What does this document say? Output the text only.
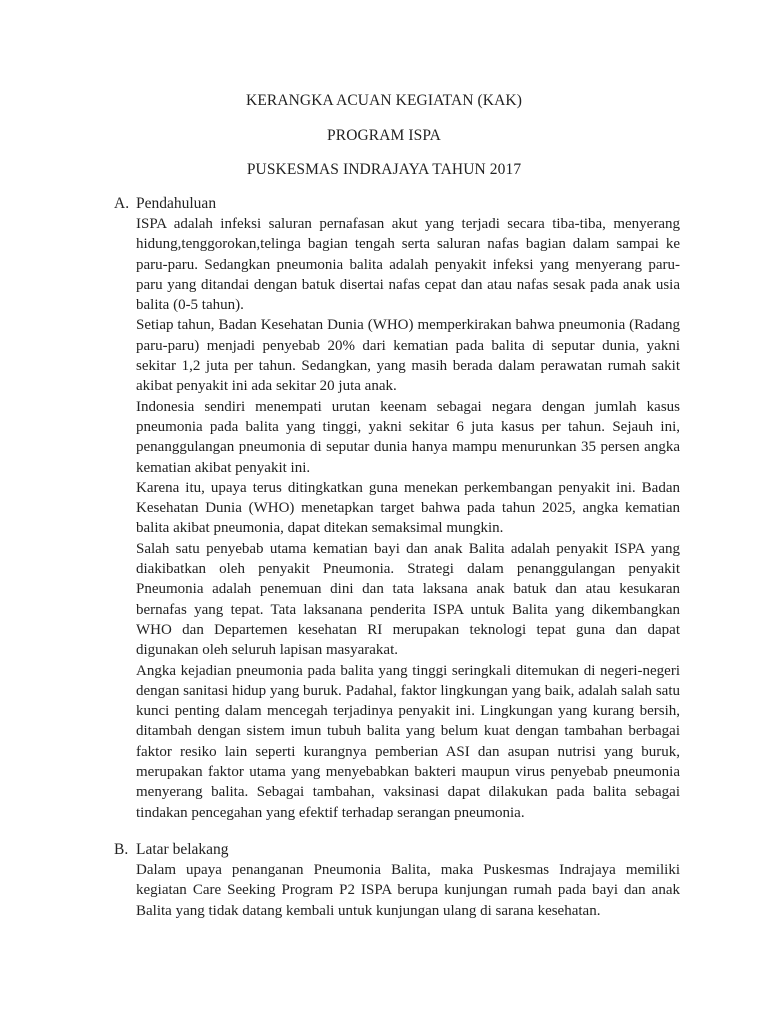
KERANGKA ACUAN KEGIATAN (KAK)
PROGRAM ISPA
PUSKESMAS INDRAJAYA TAHUN 2017
A. Pendahuluan

ISPA adalah infeksi saluran pernafasan akut yang terjadi secara tiba-tiba, menyerang hidung,tenggorokan,telinga bagian tengah serta saluran nafas bagian dalam sampai ke paru-paru. Sedangkan pneumonia balita adalah penyakit infeksi yang menyerang paru-paru yang ditandai dengan batuk disertai nafas cepat dan atau nafas sesak pada anak usia balita (0-5 tahun).

Setiap tahun, Badan Kesehatan Dunia (WHO) memperkirakan bahwa pneumonia (Radang paru-paru) menjadi penyebab 20% dari kematian pada balita di seputar dunia, yakni sekitar 1,2 juta per tahun. Sedangkan, yang masih berada dalam perawatan rumah sakit akibat penyakit ini ada sekitar 20 juta anak.

Indonesia sendiri menempati urutan keenam sebagai negara dengan jumlah kasus pneumonia pada balita yang tinggi, yakni sekitar 6 juta kasus per tahun. Sejauh ini, penanggulangan pneumonia di seputar dunia hanya mampu menurunkan 35 persen angka kematian akibat penyakit ini.

Karena itu, upaya terus ditingkatkan guna menekan perkembangan penyakit ini. Badan Kesehatan Dunia (WHO) menetapkan target bahwa pada tahun 2025, angka kematian balita akibat pneumonia, dapat ditekan semaksimal mungkin.

Salah satu penyebab utama kematian bayi dan anak Balita adalah penyakit ISPA yang diakibatkan oleh penyakit Pneumonia. Strategi dalam penanggulangan penyakit Pneumonia adalah penemuan dini dan tata laksana anak batuk dan atau kesukaran bernafas yang tepat. Tata laksanana penderita ISPA untuk Balita yang dikembangkan WHO dan Departemen kesehatan RI merupakan teknologi tepat guna dan dapat digunakan oleh seluruh lapisan masyarakat.

Angka kejadian pneumonia pada balita yang tinggi seringkali ditemukan di negeri-negeri dengan sanitasi hidup yang buruk. Padahal, faktor lingkungan yang baik, adalah salah satu kunci penting dalam mencegah terjadinya penyakit ini. Lingkungan yang kurang bersih, ditambah dengan sistem imun tubuh balita yang belum kuat dengan tambahan berbagai faktor resiko lain seperti kurangnya pemberian ASI dan asupan nutrisi yang buruk, merupakan faktor utama yang menyebabkan bakteri maupun virus penyebab pneumonia menyerang balita. Sebagai tambahan, vaksinasi dapat dilakukan pada balita sebagai tindakan pencegahan yang efektif terhadap serangan pneumonia.

B. Latar belakang

Dalam upaya penanganan Pneumonia Balita, maka Puskesmas Indrajaya memiliki kegiatan Care Seeking Program P2 ISPA berupa kunjungan rumah pada bayi dan anak Balita yang tidak datang kembali untuk kunjungan ulang di sarana kesehatan.
